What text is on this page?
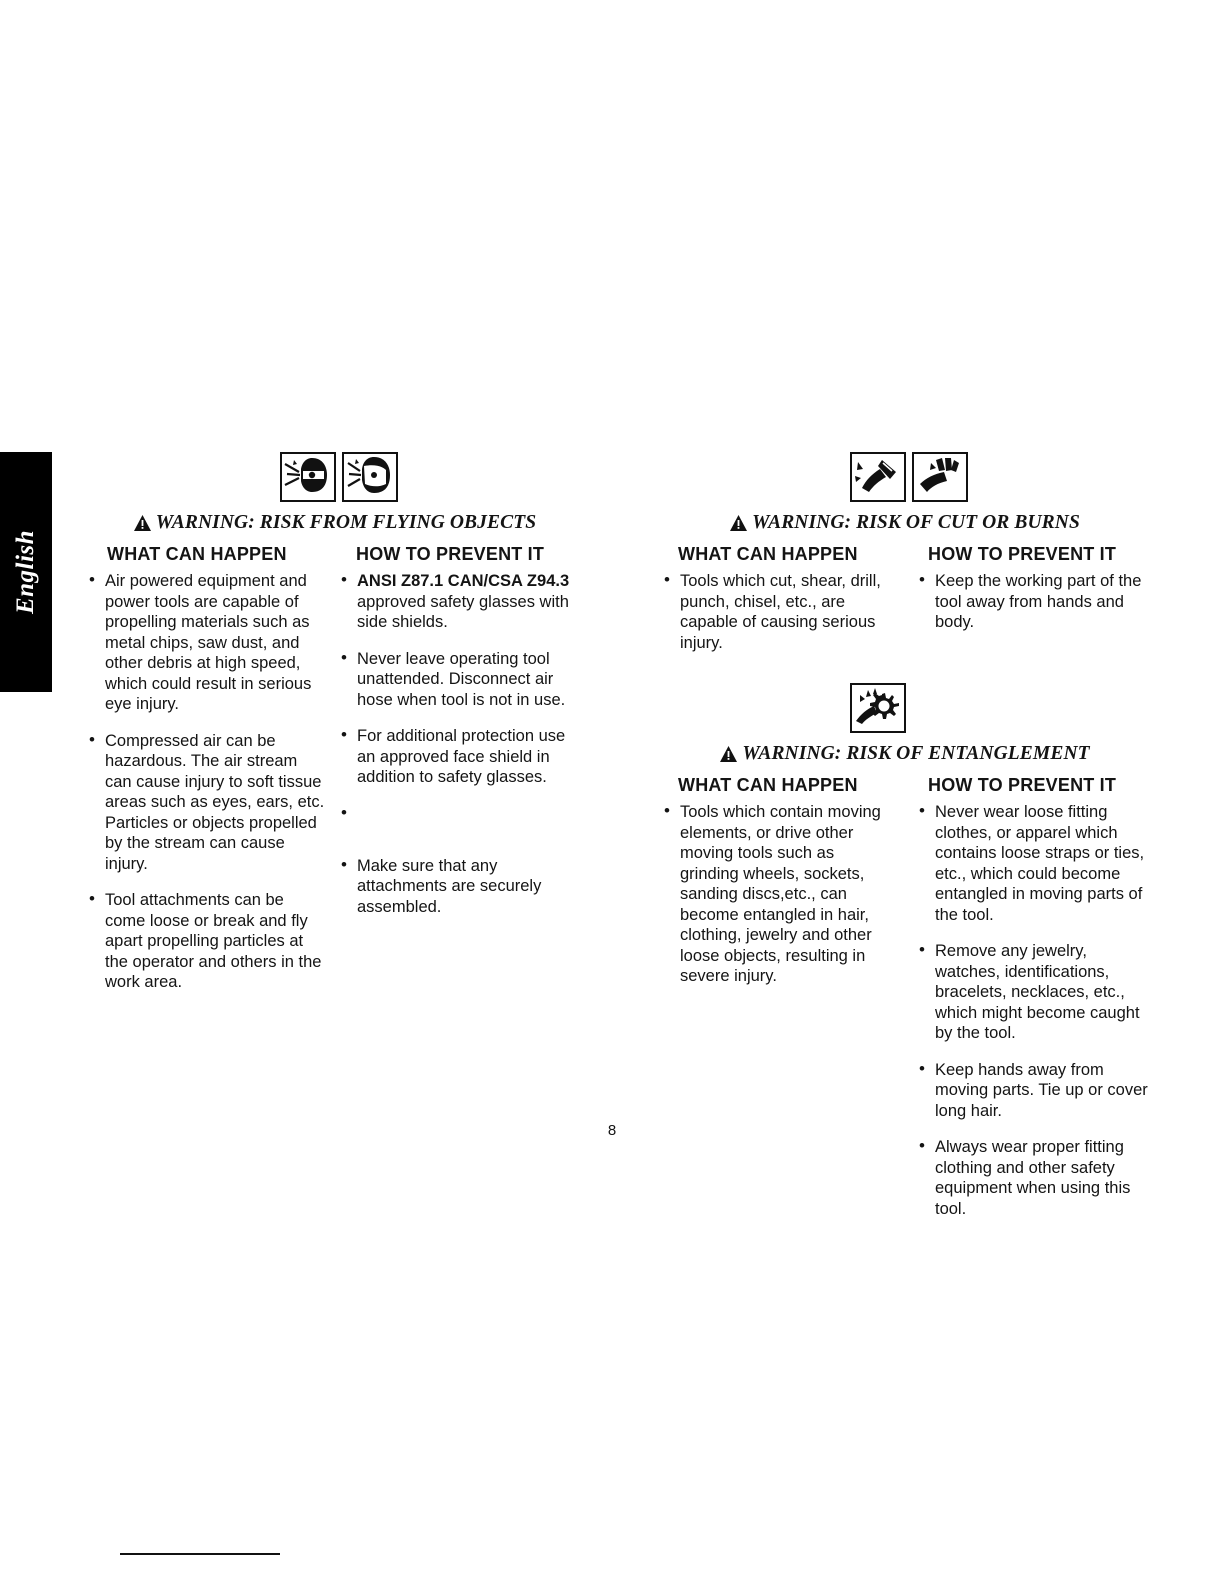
English
WARNING: RISK FROM FLYING OBJECTS
WHAT CAN HAPPEN	HOW TO PREVENT IT
• Air powered equipment and power tools are capable of propelling materials such as metal chips, saw dust, and other debris at high speed, which could result in serious eye injury.
• Compressed air can be hazardous. The air stream can cause injury to soft tissue areas such as eyes, ears, etc. Particles or objects propelled by the stream can cause injury.
• Tool attachments can be come loose or break and fly apart propelling particles at the operator and others in the work area.
• ANSI Z87.1 CAN/CSA Z94.3 approved safety glasses with side shields.
• Never leave operating tool unattended. Disconnect air hose when tool is not in use.
• For additional protection use an approved face shield in addition to safety glasses.
•
• Make sure that any attachments are securely assembled.
WARNING: RISK OF CUT OR BURNS
WHAT CAN HAPPEN	HOW TO PREVENT IT
• Tools which cut, shear, drill, punch, chisel, etc., are capable of causing serious injury.
• Keep the working part of the tool away from hands and body.
WARNING: RISK OF ENTANGLEMENT
WHAT CAN HAPPEN	HOW TO PREVENT IT
• Tools which contain moving elements, or drive other moving tools such as grinding wheels, sockets, sanding discs,etc., can become entangled in hair, clothing, jewelry and other loose objects, resulting in severe injury.
• Never wear loose fitting clothes, or apparel which contains loose straps or ties, etc., which could become entangled in moving parts of the tool.
• Remove any jewelry, watches, identifications, bracelets, necklaces, etc., which might become caught by the tool.
• Keep hands away from moving parts. Tie up or cover long hair.
• Always wear proper fitting clothing and other safety equipment when using this tool.
8
